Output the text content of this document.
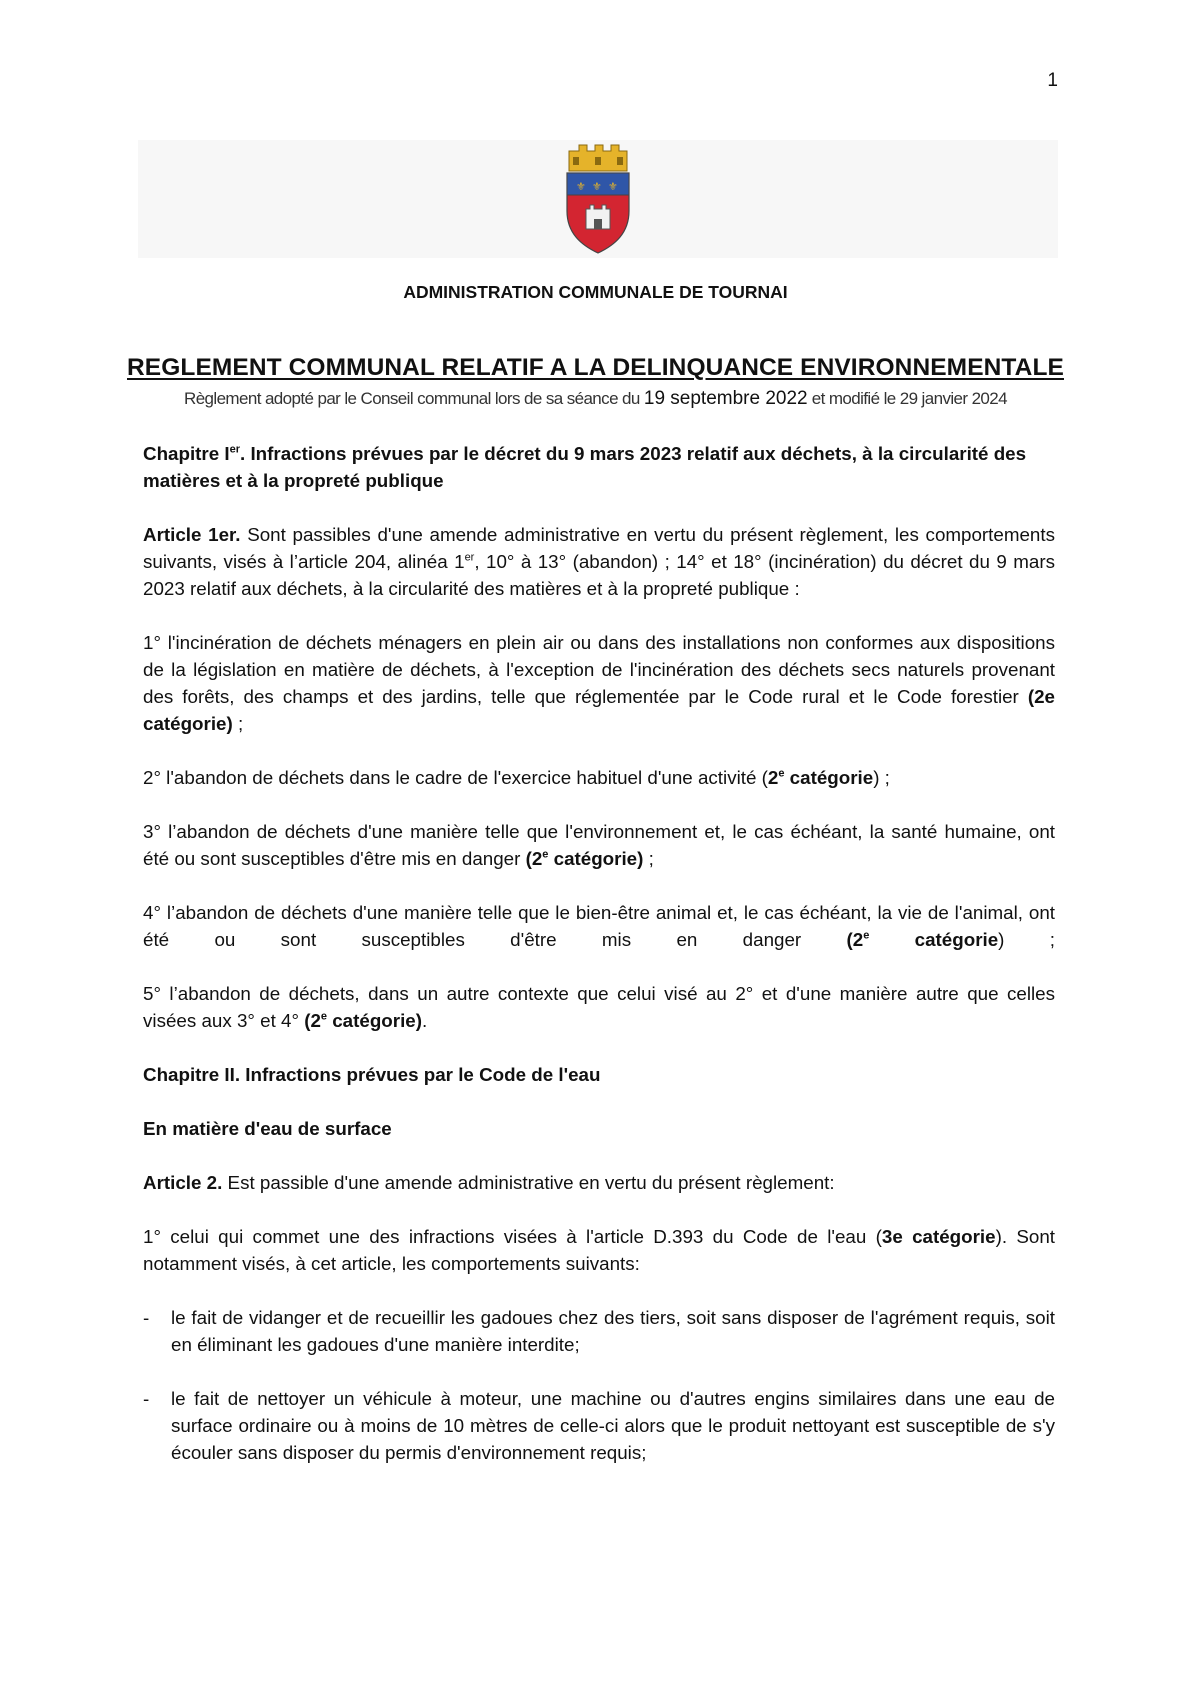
1
⚜ ⚜ ⚜
ADMINISTRATION COMMUNALE DE TOURNAI
REGLEMENT COMMUNAL RELATIF A LA DELINQUANCE ENVIRONNEMENTALE
Règlement adopté par le Conseil communal lors de sa séance du 19 septembre 2022 et modifié le 29 janvier 2024

Chapitre Ier. Infractions prévues par le décret du 9 mars 2023 relatif aux déchets, à la circularité des matières et à la propreté publique

Article 1er. Sont passibles d'une amende administrative en vertu du présent règlement, les comportements suivants, visés à l’article 204, alinéa 1er, 10° à 13° (abandon) ; 14° et 18° (incinération) du décret du 9 mars 2023 relatif aux déchets, à la circularité des matières et à la propreté publique :

1° l'incinération de déchets ménagers en plein air ou dans des installations non conformes aux dispositions de la législation en matière de déchets, à l'exception de l'incinération des déchets secs naturels provenant des forêts, des champs et des jardins, telle que réglementée par le Code rural et le Code forestier (2e catégorie) ;

2° l'abandon de déchets dans le cadre de l'exercice habituel d'une activité (2e catégorie) ;

3° l’abandon de déchets d'une manière telle que l'environnement et, le cas échéant, la santé humaine, ont été ou sont susceptibles d'être mis en danger (2e catégorie) ;

4° l’abandon de déchets d'une manière telle que le bien-être animal et, le cas échéant, la vie de l'animal, ont été ou sont susceptibles d'être mis en danger (2e catégorie) ;

5° l’abandon de déchets, dans un autre contexte que celui visé au 2° et d'une manière autre que celles visées aux 3° et 4° (2e catégorie).

Chapitre II. Infractions prévues par le Code de l'eau

En matière d'eau de surface

Article 2. Est passible d'une amende administrative en vertu du présent règlement:

1° celui qui commet une des infractions visées à l'article D.393 du Code de l'eau (3e catégorie). Sont notamment visés, à cet article, les comportements suivants:

- le fait de vidanger et de recueillir les gadoues chez des tiers, soit sans disposer de l'agrément requis, soit en éliminant les gadoues d'une manière interdite;
- le fait de nettoyer un véhicule à moteur, une machine ou d'autres engins similaires dans une eau de surface ordinaire ou à moins de 10 mètres de celle-ci alors que le produit nettoyant est susceptible de s'y écouler sans disposer du permis d'environnement requis;
